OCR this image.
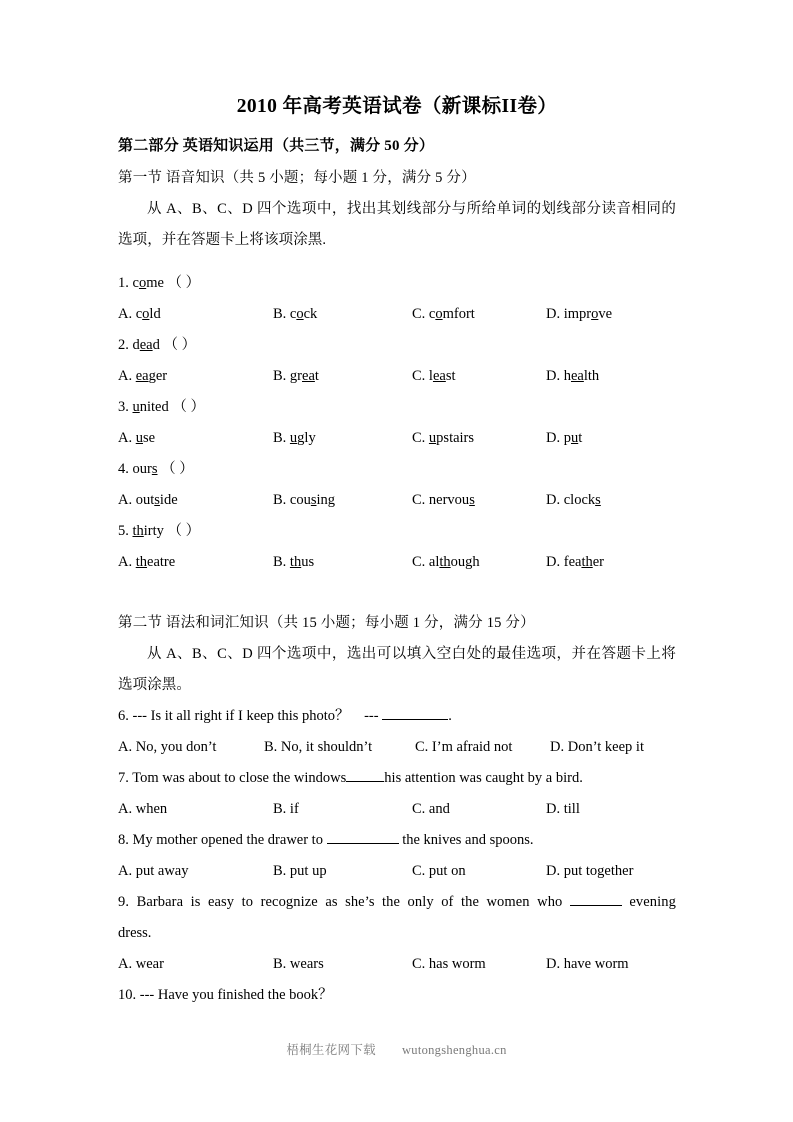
2010 年高考英语试卷（新课标II卷）
第二部分 英语知识运用（共三节，满分 50 分）
第一节 语音知识（共 5 小题；每小题 1 分，满分 5 分）

从 A、B、C、D 四个选项中，找出其划线部分与所给单词的划线部分读音相同的选项，并在答题卡上将该项涂黑.

1. come （ ）
A. cold	B. cock	C. comfort	D. improve
2. dead （ ）
A. eager	B. great	C. least	D. health
3. united （ ）
A. use	B. ugly	C. upstairs	D. put
4. ours （ ）
A. outside	B. cousing	C. nervous	D. clocks
5. thirty （ ）
A. theatre	B. thus	C. although	D. feather
第二节 语法和词汇知识（共 15 小题；每小题 1 分，满分 15 分）

从 A、B、C、D 四个选项中，选出可以填入空白处的最佳选项，并在答题卡上将选项涂黑。

6. --- Is it all right if I keep this photo？ ---	.
A. No, you don’t	B. No, it shouldn’t	C. I’m afraid not	D. Don’t keep it
7. Tom was about to close the windows	his attention was caught by a bird.
A. when	B. if	C. and	D. till
8. My mother opened the drawer to	the knives and spoons.
A. put away	B. put up	C. put on	D. put together
9. Barbara is easy to recognize as she’s the only of the women who	evening
dress.
A. wear	B. wears	C. has worm	D. have worm
10. --- Have you finished the book？
梧桐生花网下载 wutongshenghua.cn
